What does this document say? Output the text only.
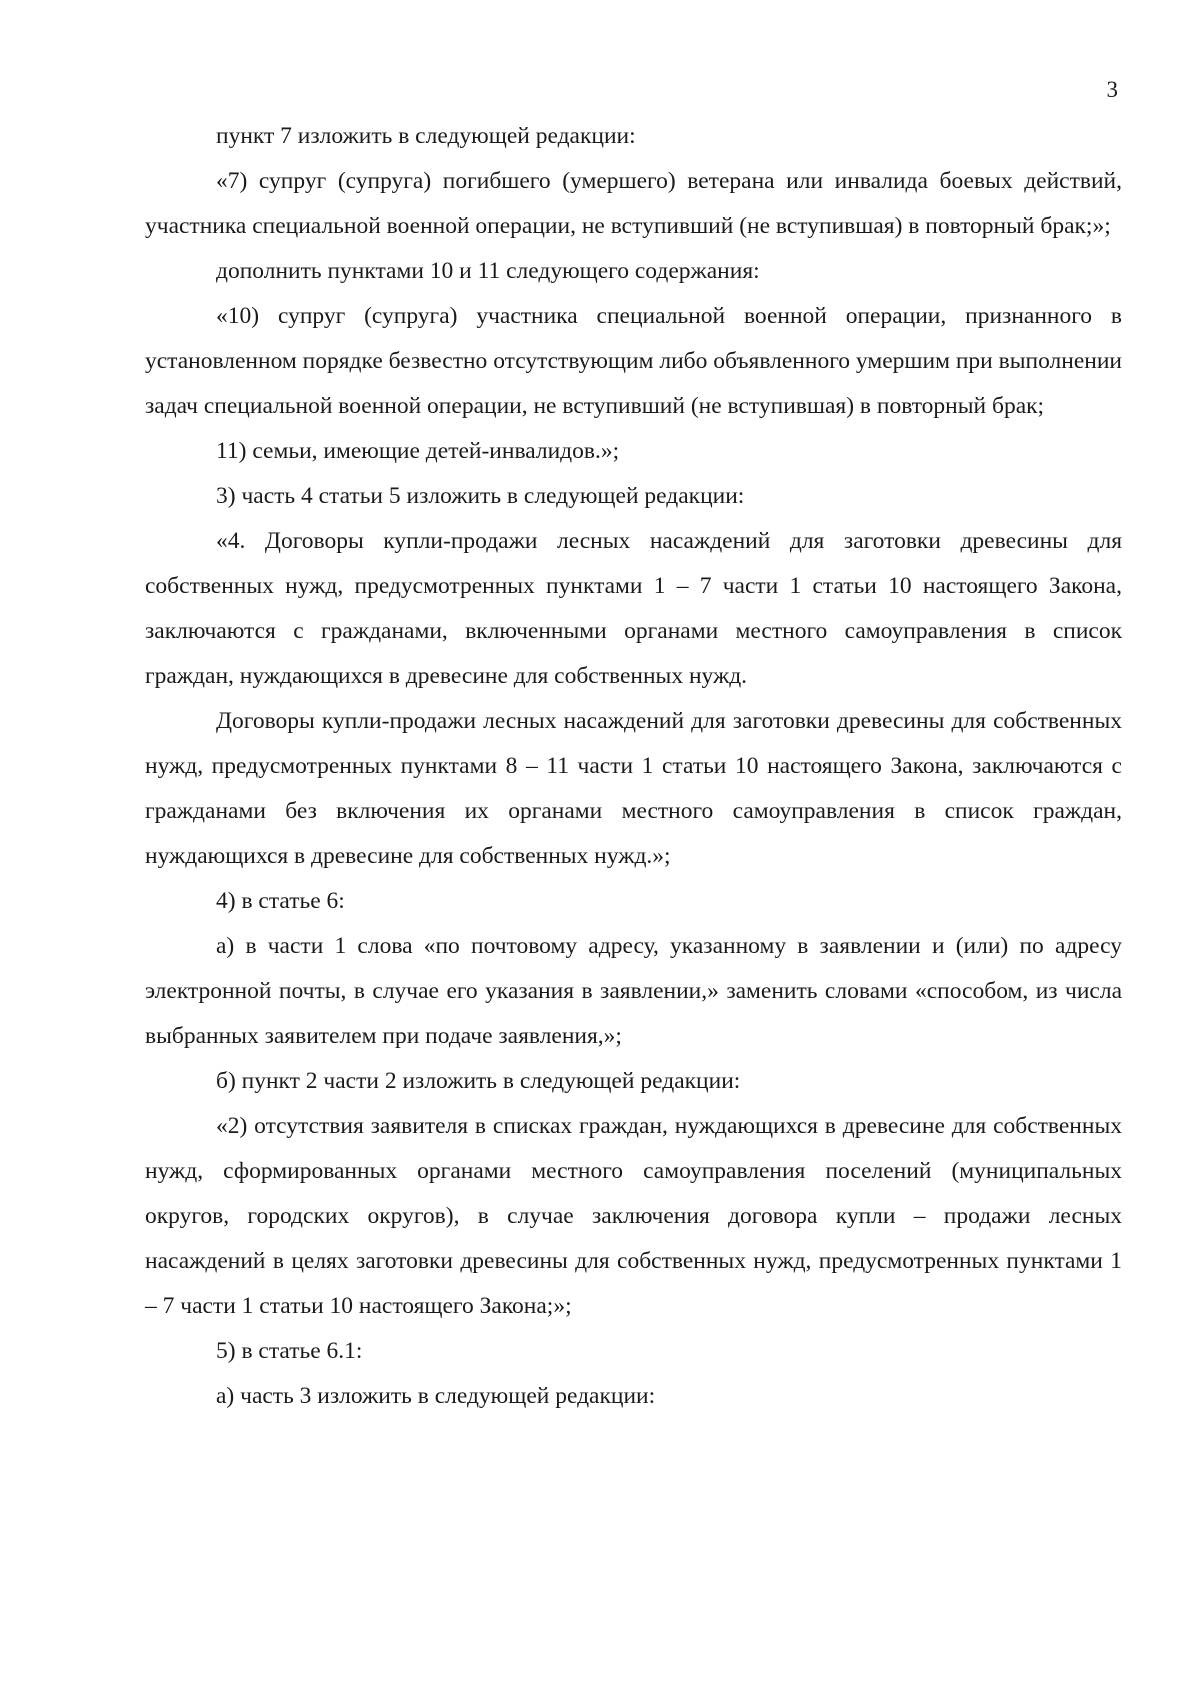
3

пункт 7 изложить в следующей редакции:

«7) супруг (супруга) погибшего (умершего) ветерана или инвалида боевых действий, участника специальной военной операции, не вступивший (не вступившая) в повторный брак;»;

дополнить пунктами 10 и 11 следующего содержания:

«10) супруг (супруга) участника специальной военной операции, признанного в установленном порядке безвестно отсутствующим либо объявленного умершим при выполнении задач специальной военной операции, не вступивший (не вступившая) в повторный брак;

11) семьи, имеющие детей-инвалидов.»;

3) часть 4 статьи 5 изложить в следующей редакции:

«4. Договоры купли-продажи лесных насаждений для заготовки древесины для собственных нужд, предусмотренных пунктами 1 – 7 части 1 статьи 10 настоящего Закона, заключаются с гражданами, включенными органами местного самоуправления в список граждан, нуждающихся в древесине для собственных нужд.

Договоры купли-продажи лесных насаждений для заготовки древесины для собственных нужд, предусмотренных пунктами 8 – 11 части 1 статьи 10 настоящего Закона, заключаются с гражданами без включения их органами местного самоуправления в список граждан, нуждающихся в древесине для собственных нужд.»;

4) в статье 6:

а) в части 1 слова «по почтовому адресу, указанному в заявлении и (или) по адресу электронной почты, в случае его указания в заявлении,» заменить словами «способом, из числа выбранных заявителем при подаче заявления,»;

б) пункт 2 части 2 изложить в следующей редакции:

«2) отсутствия заявителя в списках граждан, нуждающихся в древесине для собственных нужд, сформированных органами местного самоуправления поселений (муниципальных округов, городских округов), в случае заключения договора купли – продажи лесных насаждений в целях заготовки древесины для собственных нужд, предусмотренных пунктами 1 – 7 части 1 статьи 10 настоящего Закона;»;

5) в статье 6.1:

а) часть 3 изложить в следующей редакции:
